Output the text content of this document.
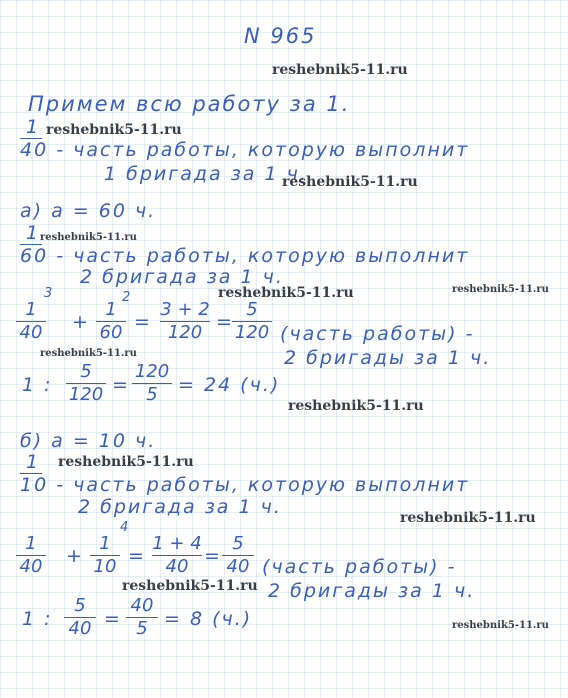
N 965
reshebnik5-11.ru
Примем всю работу за 1.
1 reshebnik5-11.ru
40 - часть работы, которую выполнит
1 бригада за 1 ч.
reshebnik5-11.ru
а) а = 60 ч.
1 reshebnik5-11.ru
60 - часть работы, которую выполнит
2 бригада за 1 ч.
3	2	reshebnik5-11.ru	reshebnik5-11.ru
1
40 +
1
60 =
3 + 2
120 =
5
120 (часть работы) -
reshebnik5-11.ru	2 бригады за 1 ч.
1 :
5
120 =
120
5	= 24 (ч.)
reshebnik5-11.ru
б) а = 10 ч.
1 reshebnik5-11.ru
10 - часть работы, которую выполнит
2 бригада за 1 ч.	reshebnik5-11.ru
4
1
40 +
1
10 =
1 + 4
40 =
5
40 (часть работы) -
reshebnik5-11.ru 2 бригады за 1 ч.
1 :
5
40 =
40
5 = 8 (ч.)	reshebnik5-11.ru
